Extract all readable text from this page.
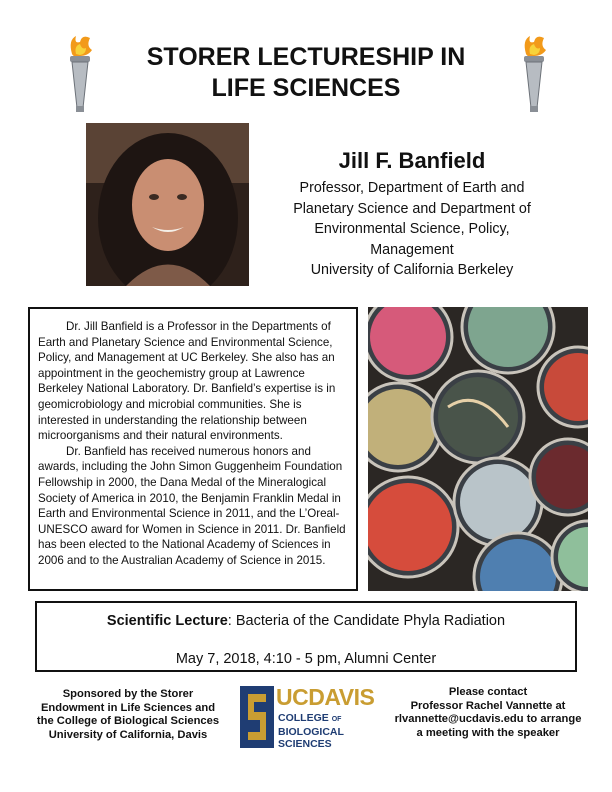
STORER LECTURESHIP IN
LIFE SCIENCES
Jill F. Banfield
Professor, Department of Earth and
Planetary Science and Department of
Environmental Science, Policy,
Management
University of California Berkeley

Dr. Jill Banfield is a Professor in the Departments of Earth and Planetary Science and Environmental Science, Policy, and Management at UC Berkeley. She also has an appointment in the geochemistry group at Lawrence Berkeley National Laboratory. Dr. Banfield’s expertise is in geomicrobiology and microbial communities. She is interested in understanding the relationship between microorganisms and their natural environments.

Dr. Banfield has received numerous honors and awards, including the John Simon Guggenheim Foundation Fellowship in 2000, the Dana Medal of the Mineralogical Society of America in 2010, the Benjamin Franklin Medal in Earth and Environmental Science in 2011, and the L’Oreal-UNESCO award for Women in Science in 2011. Dr. Banfield has been elected to the National Academy of Sciences in 2006 and to the Australian Academy of Science in 2015.

Scientific Lecture: Bacteria of the Candidate Phyla Radiation
May 7, 2018, 4:10 - 5 pm, Alumni Center
Sponsored by the Storer
Endowment in Life Sciences and
the College of Biological Sciences
University of California, Davis
UCDAVIS
COLLEGE OF
BIOLOGICAL
SCIENCES
Please contact
Professor Rachel Vannette at
rlvannette@ucdavis.edu to arrange
a meeting with the speaker
